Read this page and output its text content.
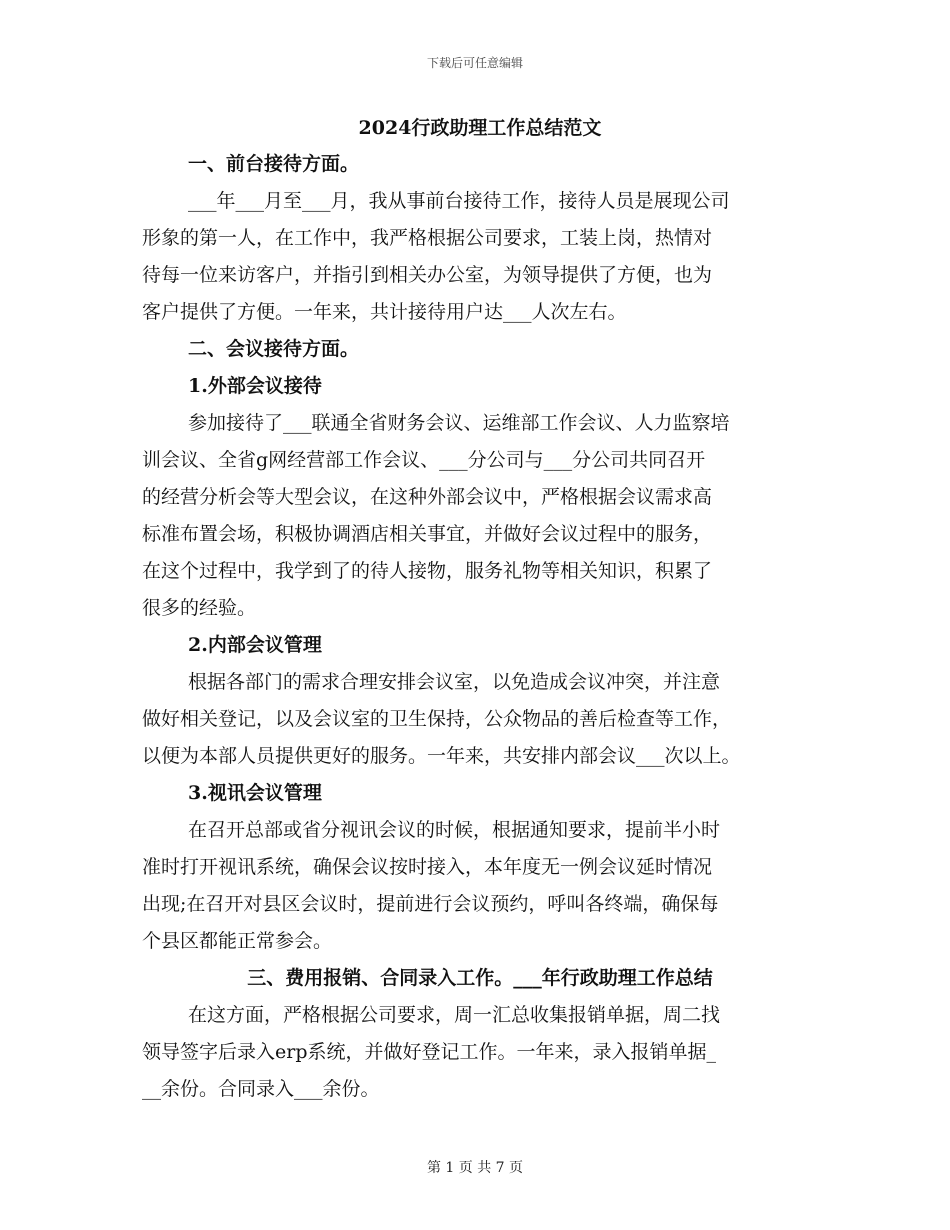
下载后可任意编辑
2024行政助理工作总结范文
一、前台接待方面。
___年___月至___月，我从事前台接待工作，接待人员是展现公司
形象的第一人，在工作中，我严格根据公司要求，工装上岗，热情对
待每一位来访客户，并指引到相关办公室，为领导提供了方便，也为
客户提供了方便。一年来，共计接待用户达___人次左右。
二、会议接待方面。
1.外部会议接待
参加接待了___联通全省财务会议、运维部工作会议、人力监察培
训会议、全省g网经营部工作会议、___分公司与___分公司共同召开
的经营分析会等大型会议，在这种外部会议中，严格根据会议需求高
标准布置会场，积极协调酒店相关事宜，并做好会议过程中的服务，
在这个过程中，我学到了的待人接物，服务礼物等相关知识，积累了
很多的经验。
2.内部会议管理
根据各部门的需求合理安排会议室，以免造成会议冲突，并注意
做好相关登记，以及会议室的卫生保持，公众物品的善后检查等工作，
以便为本部人员提供更好的服务。一年来，共安排内部会议___次以上。
3.视讯会议管理
在召开总部或省分视讯会议的时候，根据通知要求，提前半小时
准时打开视讯系统，确保会议按时接入，本年度无一例会议延时情况
出现;在召开对县区会议时，提前进行会议预约，呼叫各终端，确保每
个县区都能正常参会。
三、费用报销、合同录入工作。___年行政助理工作总结
在这方面，严格根据公司要求，周一汇总收集报销单据，周二找
领导签字后录入erp系统，并做好登记工作。一年来，录入报销单据_
__余份。合同录入___余份。
第 1 页 共 7 页
